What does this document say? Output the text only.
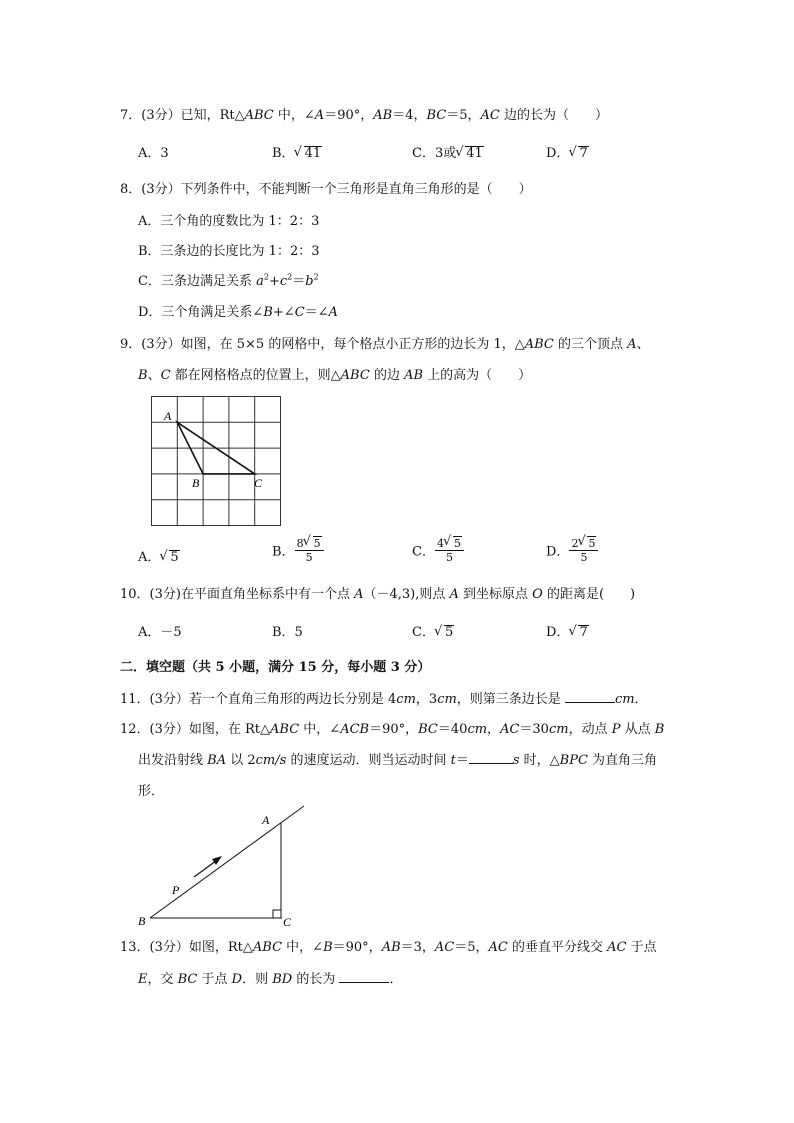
7．(3分）已知，Rt△ABC 中，∠A＝90°，AB＝4，BC＝5，AC 边的长为（　　）
A．3	B． √ 41	C．3或 √ 41	D． √ 7
8．(3分）下列条件中，不能判断一个三角形是直角三角形的是（　　）
A．三个角的度数比为 1：2：3
B．三条边的长度比为 1：2：3
C．三条边满足关系 $a^2+c^2=b^2$
D．三个角满足关系∠B+∠C＝∠A
9．(3分）如图，在 5×5 的网格中，每个格点小正方形的边长为 1，△ABC 的三个顶点 A、
B、C 都在网格格点的位置上，则△ABC 的边 AB 上的高为（　　）
A
B	C
A． √ 5	B． $\frac{8 √ 5}{5}$	C． $\frac{4 √ 5}{5}$	D． $\frac{2 √ 5}{5}$
10．(3分)在平面直角坐标系中有一个点 A（－4,3),则点 A 到坐标原点 O 的距离是(　　)
A．－5	B．5	C． √ 5	D． √ 7
二．填空题（共 5 小题，满分 15 分，每小题 3 分）
11．(3分）若一个直角三角形的两边长分别是 4cm，3cm，则第三条边长是	cm．
12．(3分）如图，在 Rt△ABC 中，∠ACB＝90°，BC＝40cm，AC＝30cm，动点 P 从点 B
出发沿射线 BA 以 2cm/s 的速度运动．则当运动时间 t＝	s 时，△BPC 为直角三角
形．
A
B	C
P
13．(3分）如图，Rt△ABC 中，∠B＝90°，AB＝3，AC＝5，AC 的垂直平分线交 AC 于点
E，交 BC 于点 D．则 BD 的长为	．
